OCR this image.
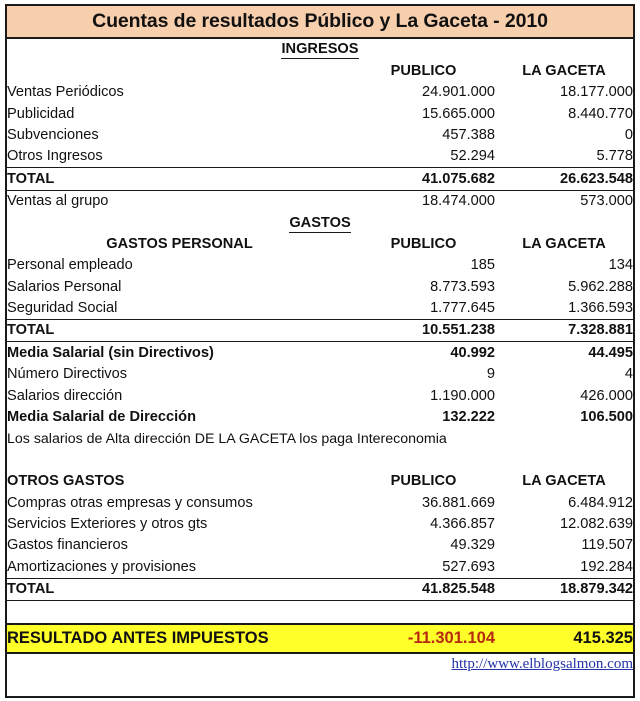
Cuentas de resultados Público y La Gaceta - 2010
INGRESOS		
	PUBLICO	LA GACETA
Ventas Periódicos	24.901.000	18.177.000
Publicidad	15.665.000	8.440.770
Subvenciones	457.388	0
Otros Ingresos	52.294	5.778
TOTAL	41.075.682	26.623.548
Ventas al grupo	18.474.000	573.000
GASTOS		
GASTOS PERSONAL	PUBLICO	LA GACETA
Personal empleado	185	134
Salarios Personal	8.773.593	5.962.288
Seguridad Social	1.777.645	1.366.593
TOTAL	10.551.238	7.328.881
Media Salarial (sin Directivos)	40.992	44.495
Número Directivos	9	4
Salarios dirección	1.190.000	426.000
Media Salarial de Dirección	132.222	106.500
Los salarios de Alta dirección DE LA GACETA los paga Intereconomia		

OTROS GASTOS	PUBLICO	LA GACETA
Compras otras empresas y consumos	36.881.669	6.484.912
Servicios Exteriores y otros gts	4.366.857	12.082.639
Gastos financieros	49.329	119.507
Amortizaciones y provisiones	527.693	192.284
TOTAL	41.825.548	18.879.342

RESULTADO ANTES IMPUESTOS	-11.301.104	415.325
http://www.elblogsalmon.com
